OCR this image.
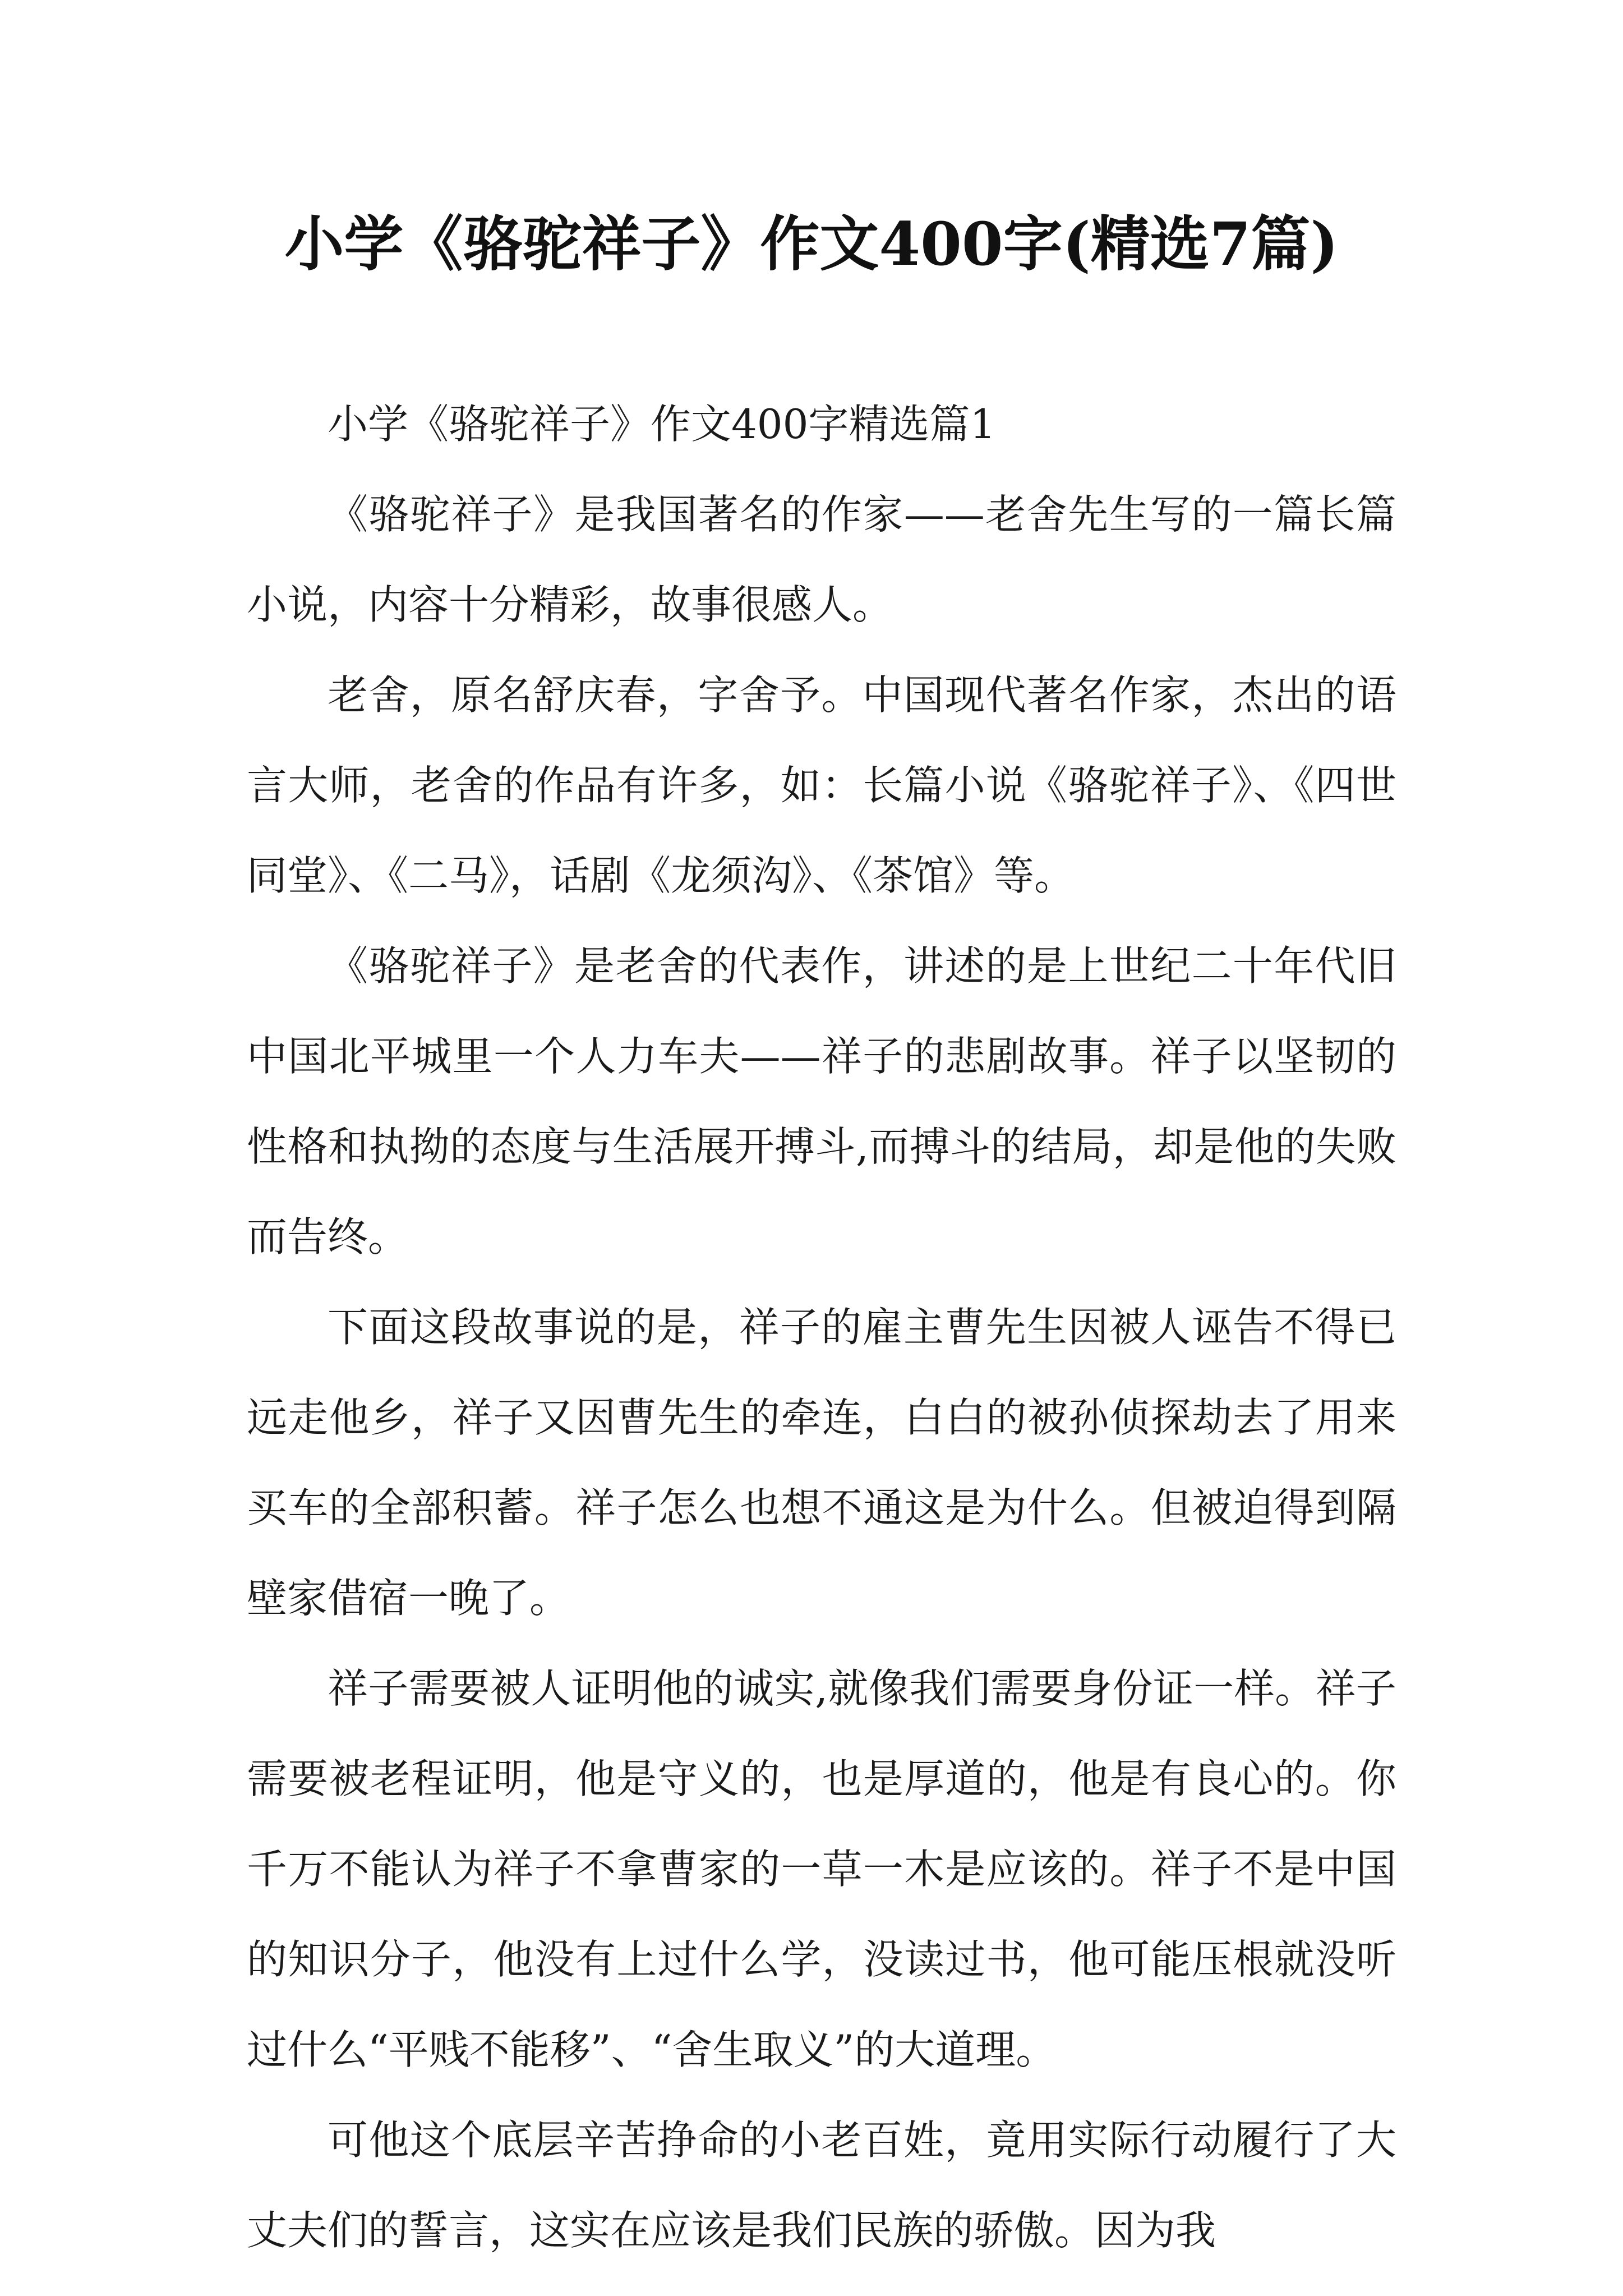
小学《骆驼祥子》作文400字(精选7篇)

小学《骆驼祥子》作文400字精选篇1

《骆驼祥子》是我国著名的作家——老舍先生写的一篇长篇小说，内容十分精彩，故事很感人。

老舍，原名舒庆春，字舍予。中国现代著名作家，杰出的语言大师，老舍的作品有许多，如：长篇小说《骆驼祥子》、《四世同堂》、《二马》，话剧《龙须沟》、《茶馆》等。

《骆驼祥子》是老舍的代表作，讲述的是上世纪二十年代旧中国北平城里一个人力车夫——祥子的悲剧故事。祥子以坚韧的性格和执拗的态度与生活展开搏斗,而搏斗的结局，却是他的失败而告终。

下面这段故事说的是，祥子的雇主曹先生因被人诬告不得已远走他乡，祥子又因曹先生的牵连，白白的被孙侦探劫去了用来买车的全部积蓄。祥子怎么也想不通这是为什么。但被迫得到隔壁家借宿一晚了。

祥子需要被人证明他的诚实,就像我们需要身份证一样。祥子需要被老程证明，他是守义的，也是厚道的，他是有良心的。你千万不能认为祥子不拿曹家的一草一木是应该的。祥子不是中国的知识分子，他没有上过什么学，没读过书，他可能压根就没听过什么“平贱不能移”、“舍生取义”的大道理。

可他这个底层辛苦挣命的小老百姓，竟用实际行动履行了大丈夫们的誓言，这实在应该是我们民族的骄傲。因为我
